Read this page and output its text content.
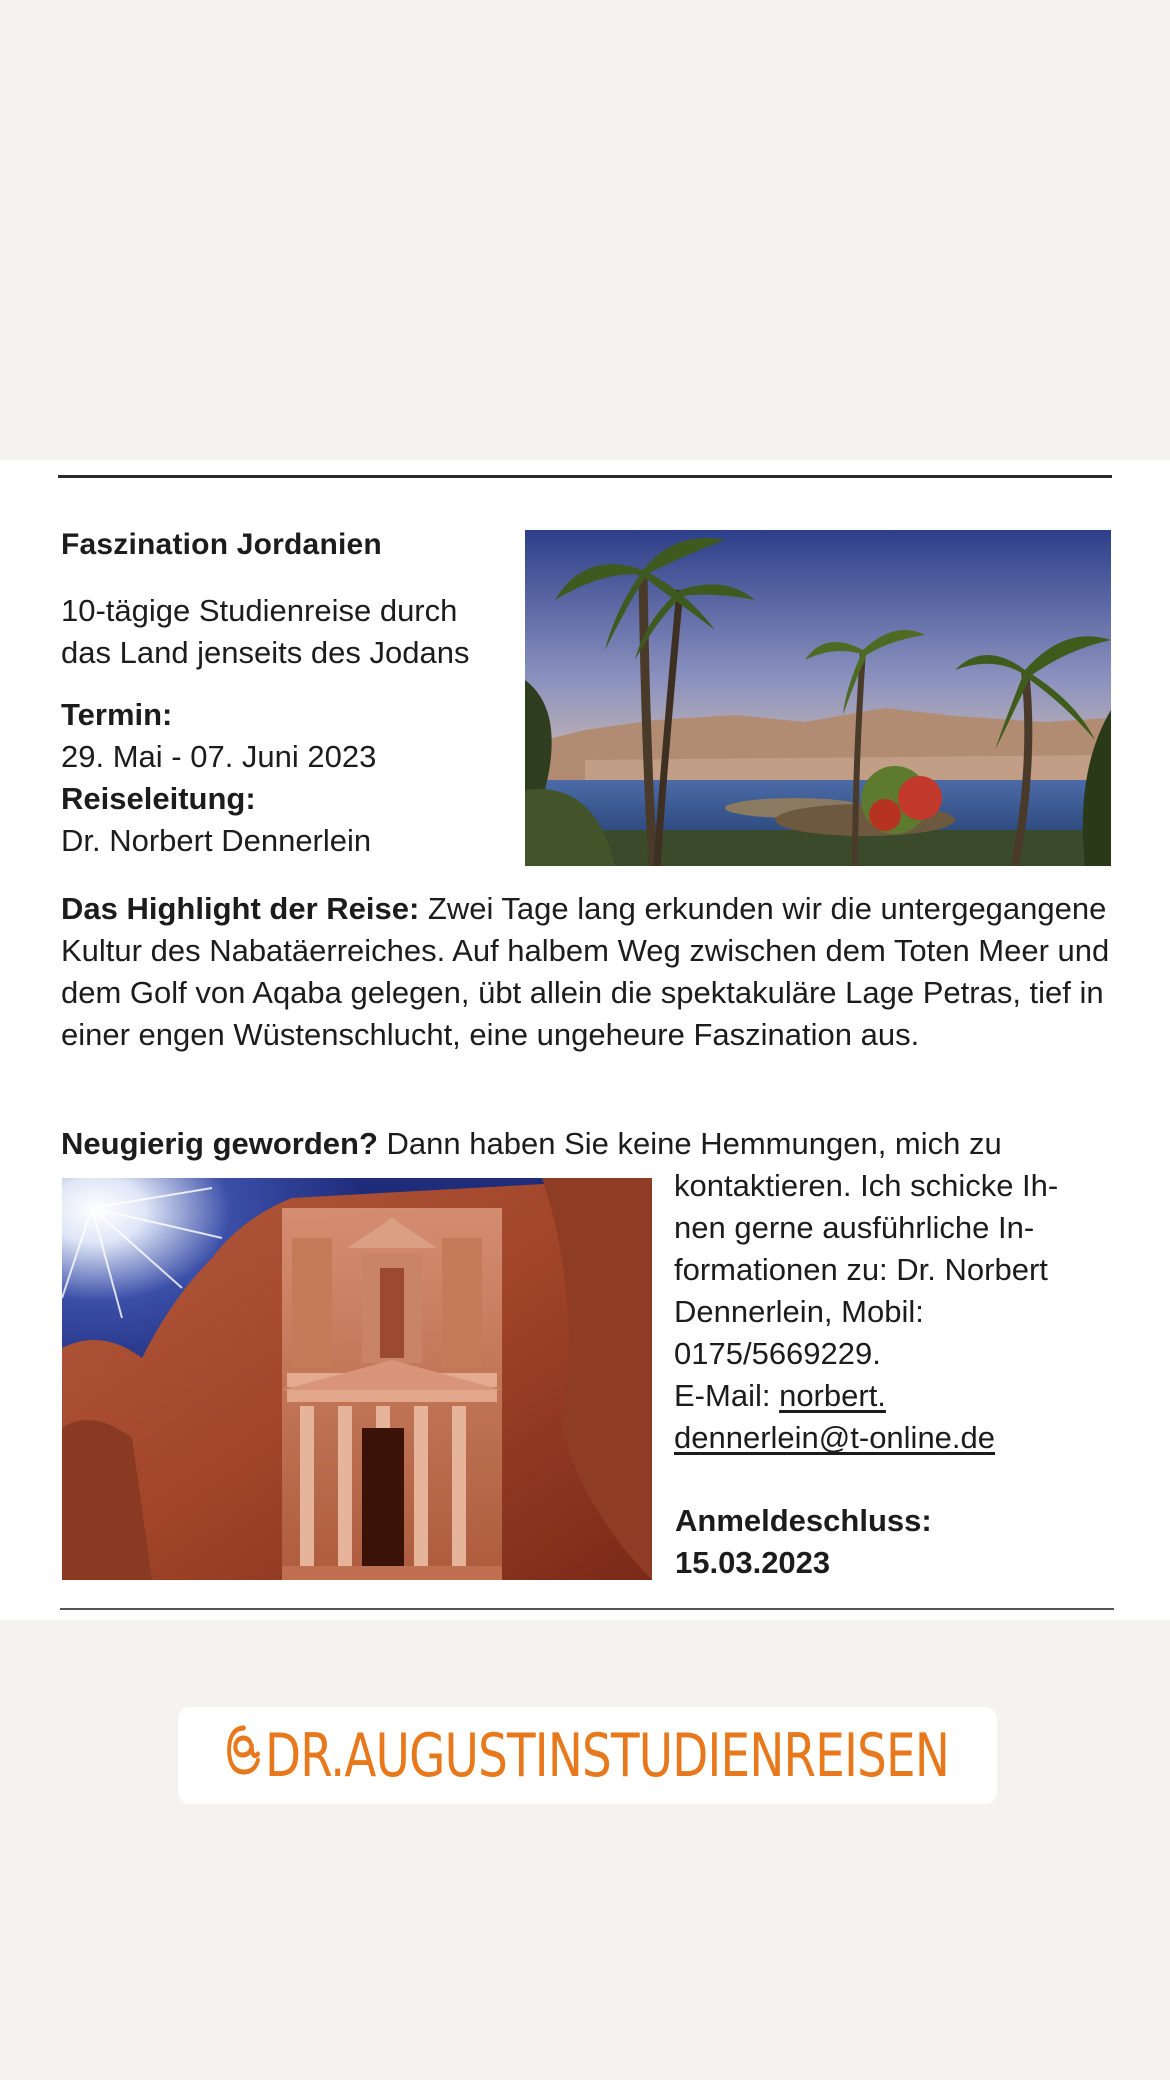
Faszination Jordanien
10-tägige Studienreise durch
das Land jenseits des Jodans
Termin:
29. Mai - 07. Juni 2023
Reiseleitung:
Dr. Norbert Dennerlein
Das Highlight der Reise: Zwei Tage lang erkunden wir die untergegangene Kultur des Nabatäerreiches. Auf halbem Weg zwischen dem Toten Meer und dem Golf von Aqaba gelegen, übt allein die spektakuläre Lage Petras, tief in einer engen Wüstenschlucht, eine ungeheure Faszination aus.
Neugierig geworden? Dann haben Sie keine Hemmungen, mich zu
kontaktieren. Ich schicke Ih-
nen gerne ausführliche In-
formationen zu: Dr. Norbert
Dennerlein, Mobil:
0175/5669229.
E-Mail: norbert.
dennerlein@t-online.de
Anmeldeschluss:
15.03.2023
DR.AUGUSTINSTUDIENREISEN
